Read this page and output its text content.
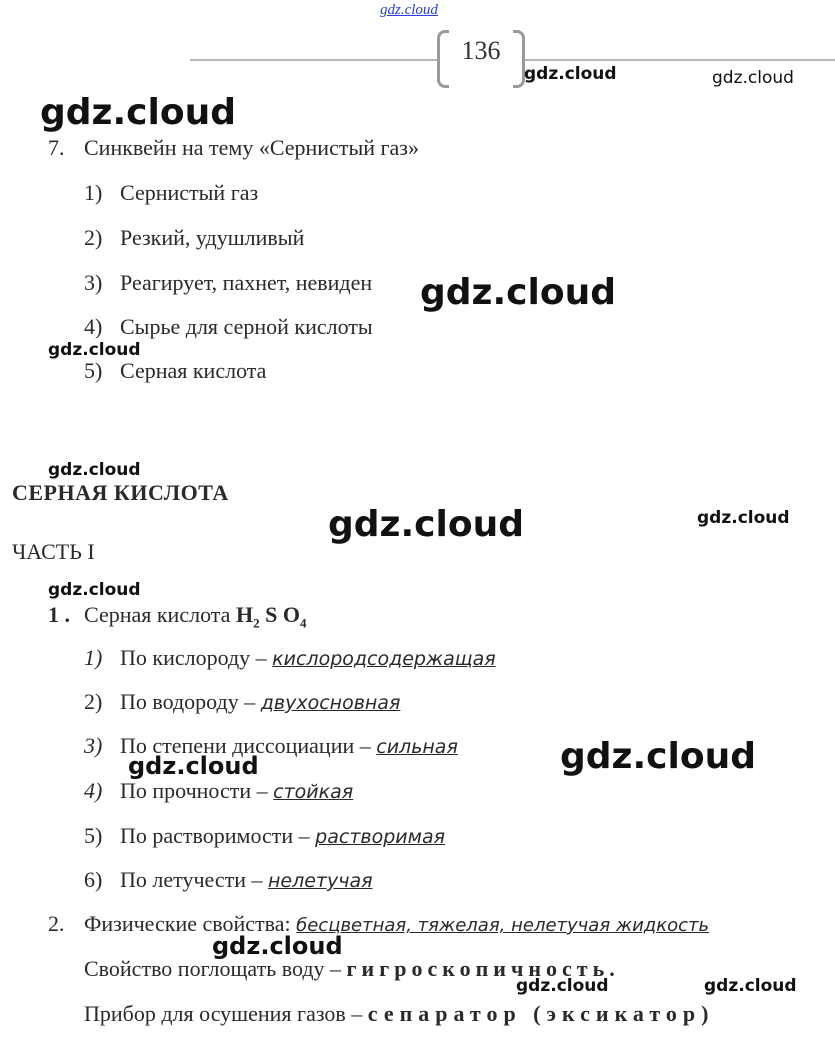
gdz.cloud
136
7. Синквейн на тему «Сернистый газ»
1) Сернистый газ
2) Резкий, удушливый
3) Реагирует, пахнет, невиден
4) Сырье для серной кислоты
5) Серная кислота
СЕРНАЯ КИСЛОТА
ЧАСТЬ I
1 . Серная кислота $H_2$ S $O_4$
1) По кислороду – кислородсодержащая
2) По водороду – двухосновная
3) По степени диссоциации – сильная
4) По прочности – стойкая
5) По растворимости – растворимая
6) По летучести – нелетучая
2. Физические свойства: бесцветная, тяжелая, нелетучая жидкость
Свойство поглощать воду – гигроскопичность.
Прибор для осушения газов – сепаратор (эксикатор)
gdz.cloud
gdz.cloud	gdz.cloud
gdz.cloud
gdz.cloud
gdz.cloud
gdz.cloud	gdz.cloud
gdz.cloud
gdz.cloud
gdz.cloud
gdz.cloud
gdz.cloud	gdz.cloud
